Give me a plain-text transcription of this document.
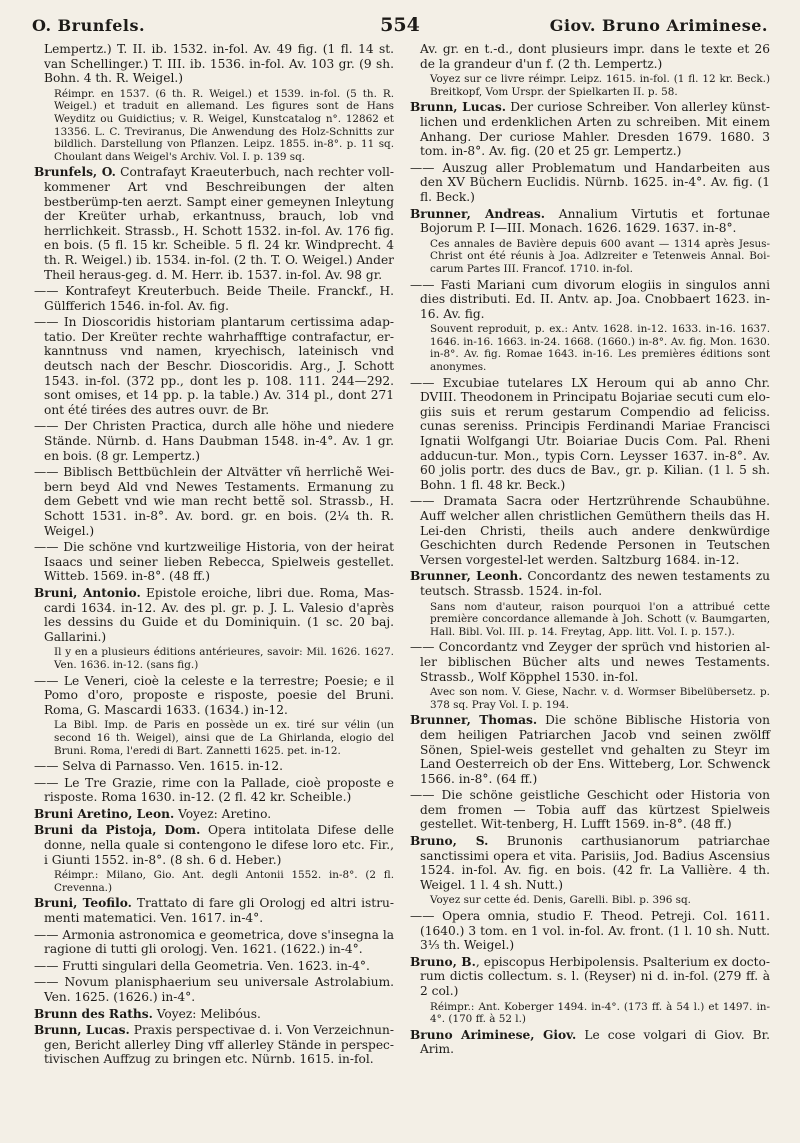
O. Brunfels.	554	Giov. Bruno Ariminese.

Lempertz.) T. II. ib. 1532. in-fol. Av. 49 fig. (1 fl. 14 st. van Schellinger.) T. III. ib. 1536. in-fol. Av. 103 gr. (9 sh. Bohn. 4 th. R. Weigel.)

Réimpr. en 1537. (6 th. R. Weigel.) et 1539. in-fol. (5 th. R. Weigel.) et traduit en allemand. Les figures sont de Hans Weyditz ou Guidictius; v. R. Weigel, Kunstcatalog n°. 12862 et 13356. L. C. Treviranus, Die Anwendung des Holz-Schnitts zur bildlich. Darstellung von Pflanzen. Leipz. 1855. in-8°. p. 11 sq. Choulant dans Weigel's Archiv. Vol. I. p. 139 sq.

Brunfels, O. Contrafayt Kraeuterbuch, nach rechter voll-kommener Art vnd Beschreibungen der alten bestberümp-ten aerzt. Sampt einer gemeynen Inleytung der Kreüter urhab, erkantnuss, brauch, lob vnd herrlichkeit. Strassb., H. Schott 1532. in-fol. Av. 176 fig. en bois. (5 fl. 15 kr. Scheible. 5 fl. 24 kr. Windprecht. 4 th. R. Weigel.) ib. 1534. in-fol. (2 th. T. O. Weigel.) Ander Theil heraus-geg. d. M. Herr. ib. 1537. in-fol. Av. 98 gr.

—— Kontrafeyt Kreuterbuch. Beide Theile. Franckf., H. Gülfferich 1546. in-fol. Av. fig.

—— In Dioscoridis historiam plantarum certissima adap-tatio. Der Kreüter rechte wahrhafftige contrafactur, er-kanntnuss vnd namen, kryechisch, lateinisch vnd deutsch nach der Beschr. Dioscoridis. Arg., J. Schott 1543. in-fol. (372 pp., dont les p. 108. 111. 244—292. sont omises, et 14 pp. p. la table.) Av. 314 pl., dont 271 ont été tirées des autres ouvr. de Br.

—— Der Christen Practica, durch alle höhe und niedere Stände. Nürnb. d. Hans Daubman 1548. in-4°. Av. 1 gr. en bois. (8 gr. Lempertz.)

—— Biblisch Bettbüchlein der Altvätter vñ herrlichẽ Wei-bern beyd Ald vnd Newes Testaments. Ermanung zu dem Gebett vnd wie man recht bettẽ sol. Strassb., H. Schott 1531. in-8°. Av. bord. gr. en bois. (2¼ th. R. Weigel.)

—— Die schöne vnd kurtzweilige Historia, von der heirat Isaacs und seiner lieben Rebecca, Spielweis gestellet. Witteb. 1569. in-8°. (48 ff.)

Bruni, Antonio. Epistole eroiche, libri due. Roma, Mas-cardi 1634. in-12. Av. des pl. gr. p. J. L. Valesio d'après les dessins du Guide et du Dominiquin. (1 sc. 20 baj. Gallarini.)

Il y en a plusieurs éditions antérieures, savoir: Mil. 1626. 1627. Ven. 1636. in-12. (sans fig.)

—— Le Veneri, cioè la celeste e la terrestre; Poesie; e il Pomo d'oro, proposte e risposte, poesie del Bruni. Roma, G. Mascardi 1633. (1634.) in-12.

La Bibl. Imp. de Paris en possède un ex. tiré sur vélin (un second 16 th. Weigel), ainsi que de La Ghirlanda, elogio del Bruni. Roma, l'eredi di Bart. Zannetti 1625. pet. in-12.

—— Selva di Parnasso. Ven. 1615. in-12.

—— Le Tre Grazie, rime con la Pallade, cioè proposte e risposte. Roma 1630. in-12. (2 fl. 42 kr. Scheible.)

Bruni Aretino, Leon. Voyez: Aretino.

Bruni da Pistoja, Dom. Opera intitolata Difese delle donne, nella quale si contengono le difese loro etc. Fir., i Giunti 1552. in-8°. (8 sh. 6 d. Heber.)

Réimpr.: Milano, Gio. Ant. degli Antonii 1552. in-8°. (2 fl. Crevenna.)

Bruni, Teofilo. Trattato di fare gli Orologj ed altri istru-menti matematici. Ven. 1617. in-4°.

—— Armonia astronomica e geometrica, dove s'insegna la ragione di tutti gli orologj. Ven. 1621. (1622.) in-4°.

—— Frutti singulari della Geometria. Ven. 1623. in-4°.

—— Novum planisphaerium seu universale Astrolabium. Ven. 1625. (1626.) in-4°.

Brunn des Raths. Voyez: Melibóus.

Brunn, Lucas. Praxis perspectivae d. i. Von Verzeichnun-gen, Bericht allerley Ding vff allerley Stände in perspec-tivischen Auffzug zu bringen etc. Nürnb. 1615. in-fol.

Av. gr. en t.-d., dont plusieurs impr. dans le texte et 26 de la grandeur d'un f. (2 th. Lempertz.)

Voyez sur ce livre réimpr. Leipz. 1615. in-fol. (1 fl. 12 kr. Beck.) Breitkopf, Vom Urspr. der Spielkarten II. p. 58.

Brunn, Lucas. Der curiose Schreiber. Von allerley künst-lichen und erdenklichen Arten zu schreiben. Mit einem Anhang. Der curiose Mahler. Dresden 1679. 1680. 3 tom. in-8°. Av. fig. (20 et 25 gr. Lempertz.)

—— Auszug aller Problematum und Handarbeiten aus den XV Büchern Euclidis. Nürnb. 1625. in-4°. Av. fig. (1 fl. Beck.)

Brunner, Andreas. Annalium Virtutis et fortunae Bojorum P. I—III. Monach. 1626. 1629. 1637. in-8°.

Ces annales de Bavière depuis 600 avant — 1314 après Jesus-Christ ont été réunis à Joa. Adlzreiter e Tetenweis Annal. Boi-carum Partes III. Francof. 1710. in-fol.

—— Fasti Mariani cum divorum elogiis in singulos anni dies distributi. Ed. II. Antv. ap. Joa. Cnobbaert 1623. in-16. Av. fig.

Souvent reproduit, p. ex.: Antv. 1628. in-12. 1633. in-16. 1637. 1646. in-16. 1663. in-24. 1668. (1660.) in-8°. Av. fig. Mon. 1630. in-8°. Av. fig. Romae 1643. in-16. Les premières éditions sont anonymes.

—— Excubiae tutelares LX Heroum qui ab anno Chr. DVIII. Theodonem in Principatu Bojariae secuti cum elo-giis suis et rerum gestarum Compendio ad feliciss. cunas sereniss. Principis Ferdinandi Mariae Francisci Ignatii Wolfgangi Utr. Boiariae Ducis Com. Pal. Rheni adducun-tur. Mon., typis Corn. Leysser 1637. in-8°. Av. 60 jolis portr. des ducs de Bav., gr. p. Kilian. (1 l. 5 sh. Bohn. 1 fl. 48 kr. Beck.)

—— Dramata Sacra oder Hertzrührende Schaubühne. Auff welcher allen christlichen Gemüthern theils das H. Lei-den Christi, theils auch andere denkwürdige Geschichten durch Redende Personen in Teutschen Versen vorgestel-let werden. Saltzburg 1684. in-12.

Brunner, Leonh. Concordantz des newen testaments zu teutsch. Strassb. 1524. in-fol.

Sans nom d'auteur, raison pourquoi l'on a attribué cette première concordance allemande à Joh. Schott (v. Baumgarten, Hall. Bibl. Vol. III. p. 14. Freytag, App. litt. Vol. I. p. 157.).

—— Concordantz vnd Zeyger der sprüch vnd historien al-ler biblischen Bücher alts und newes Testaments. Strassb., Wolf Köpphel 1530. in-fol.

Avec son nom. V. Giese, Nachr. v. d. Wormser Bibelübersetz. p. 378 sq. Pray Vol. I. p. 194.

Brunner, Thomas. Die schöne Biblische Historia von dem heiligen Patriarchen Jacob vnd seinen zwölff Sönen, Spiel-weis gestellet vnd gehalten zu Steyr im Land Oesterreich ob der Ens. Witteberg, Lor. Schwenck 1566. in-8°. (64 ff.)

—— Die schöne geistliche Geschicht oder Historia von dem fromen — Tobia auff das kürtzest Spielweis gestellet. Wit-tenberg, H. Lufft 1569. in-8°. (48 ff.)

Bruno, S. Brunonis carthusianorum patriarchae sanctissimi opera et vita. Parisiis, Jod. Badius Ascensius 1524. in-fol. Av. fig. en bois. (42 fr. La Vallière. 4 th. Weigel. 1 l. 4 sh. Nutt.)

Voyez sur cette éd. Denis, Garelli. Bibl. p. 396 sq.

—— Opera omnia, studio F. Theod. Petreji. Col. 1611. (1640.) 3 tom. en 1 vol. in-fol. Av. front. (1 l. 10 sh. Nutt. 3⅓ th. Weigel.)

Bruno, B., episcopus Herbipolensis. Psalterium ex docto-rum dictis collectum. s. l. (Reyser) ni d. in-fol. (279 ff. à 2 col.)

Réimpr.: Ant. Koberger 1494. in-4°. (173 ff. à 54 l.) et 1497. in-4°. (170 ff. à 52 l.)

Bruno Ariminese, Giov. Le cose volgari di Giov. Br. Arim.
